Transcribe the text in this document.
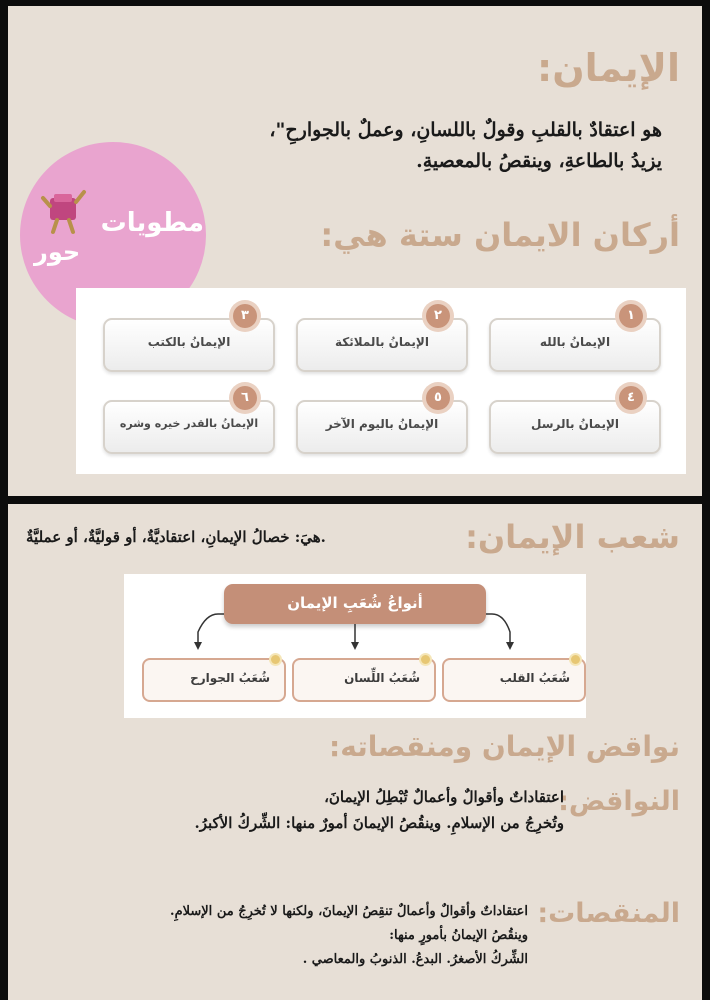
الإيمان:
هو اعتقادٌ بالقلبِ وقولٌ باللسانِ، وعملٌ بالجوارحِ"،
يزيدُ بالطاعةِ، وينقصُ بالمعصيةِ.
مطويات
حور	أركان الايمان ستة هي:
١
الإيمانُ بالله
٢
الإيمانُ بالملائكة
٣
الإيمانُ بالكتب
٤
الإيمانُ بالرسل
٥
الإيمانُ باليوم الآخر
٦
الإيمانُ بالقدر خيره وشره
شعب الإيمان:
.هيَ: خصالُ الإيمانِ، اعتقاديَّةٌ، أو قوليَّةٌ، أو عمليَّةٌ
أنواعُ شُعَبِ الإيمان
شُعَبُ القلب
شُعَبُ اللِّسان
شُعَبُ الجوارح
نواقض الإيمان ومنقصاته:
النواقض:
اعتقاداتٌ وأقوالٌ وأعمالٌ تُبْطِلُ الإيمانَ،
وتُخرِجُ من الإسلامِ. وينقُصُ الإيمانَ أمورٌ منها: الشِّركُ الأكبرُ.
المنقصات:
اعتقاداتٌ وأقوالٌ وأعمالٌ تنقِصُ الإيمانَ، ولكنها لا تُخرِجُ من الإسلامِ.
وينقُصُ الإيمانُ بأمورٍ منها:
الشِّركُ الأصغرُ. البدعُ. الذنوبُ والمعاصي .
